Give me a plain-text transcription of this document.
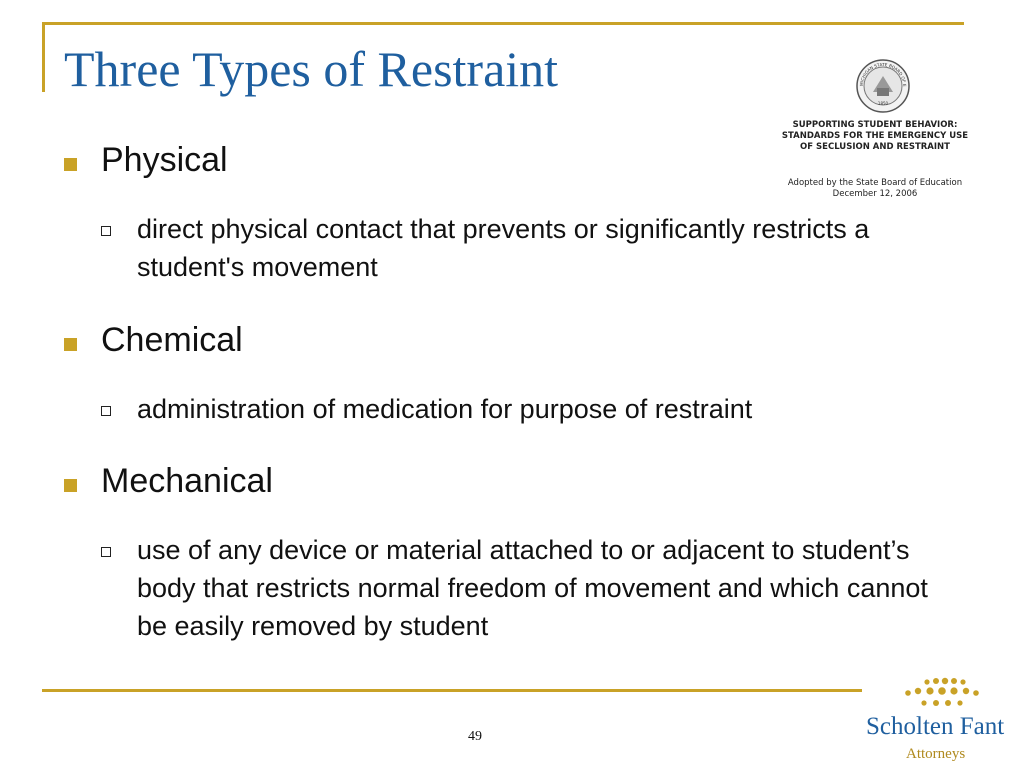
Three Types of Restraint	MICHIGAN STATE BOARD OF E
1850
SUPPORTING STUDENT BEHAVIOR:
STANDARDS FOR THE EMERGENCY USE
OF SECLUSION AND RESTRAINT
Adopted by the State Board of Education
December 12, 2006
Physical
direct physical contact that prevents or significantly restricts a student's movement
Chemical
administration of medication for purpose of restraint
Mechanical
use of any device or material attached to or adjacent to student’s body that restricts normal freedom of movement and which cannot be easily removed by student
49	Scholten Fant
Attorneys
